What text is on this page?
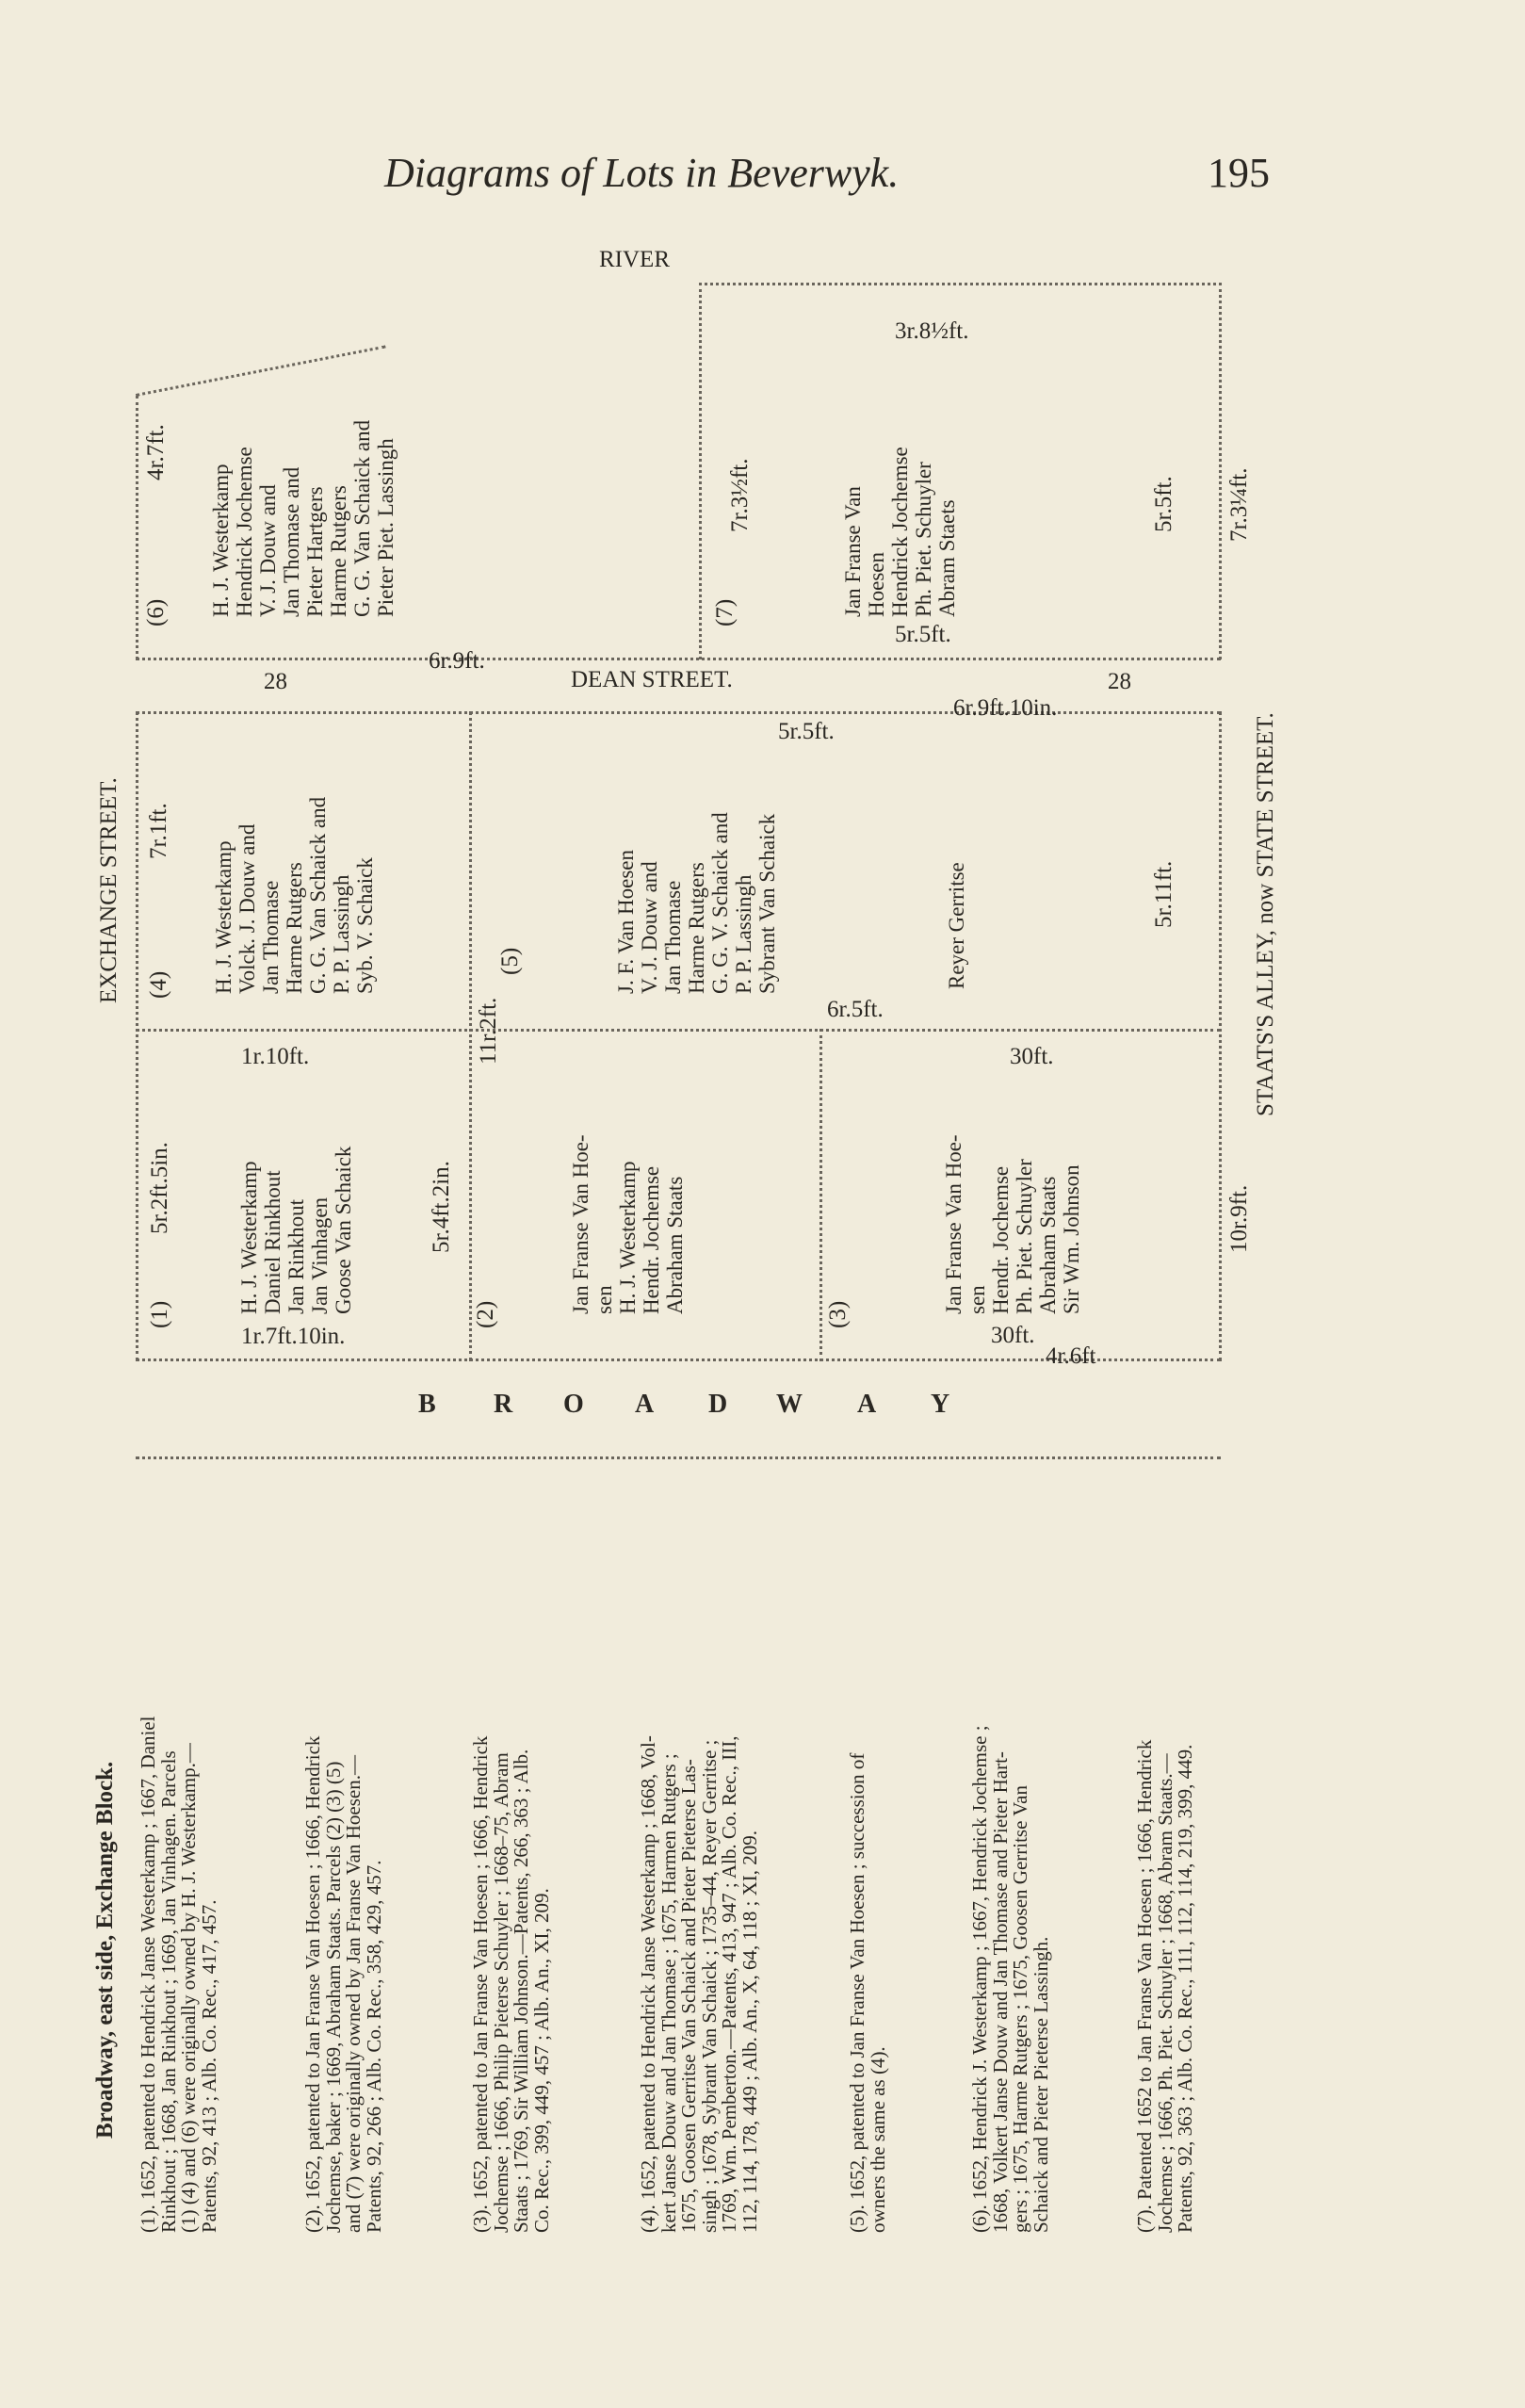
Diagrams of Lots in Beverwyk.	195
RIVER
DEAN STREET.
EXCHANGE STREET.	STAATS'S ALLEY, now STATE STREET.
B R O A D W A Y
4r.7ft.
6r.9ft.
7r.3½ft.
3r.8½ft.
5r.5ft.
5r.5ft. 7r.3¼ft.
28	28
6r.9ft.10in.
7r.1ft.
5r.5ft.
6r.5ft.
5r.11ft.
11r.2ft.
1r.10ft.
5r.2ft.5in.
1r.7ft.10in.
5r.4ft.2in.
30ft.
30ft.
10r.9ft.
4r.6ft
(6)	(7)
(4)
(5)
(1)	(2)	(3)
H. J. Westerkamp Hendrick Jochemse V. J. Douw and Jan Thomase and Pieter Hartgers Harme Rutgers G. G. Van Schaick and Pieter Piet. Lassingh	Jan Franse Van Hoesen Hendrick Jochemse Ph. Piet. Schuyler Abram Staets
H. J. Westerkamp Volck. J. Douw and Jan Thomase Harme Rutgers G. G. Van Schaick and P. P. Lassingh Syb. V. Schaick	J. F. Van Hoesen V. J. Douw and Jan Thomase Harme Rutgers G. G. V. Schaick and P. P. Lassingh Sybrant Van Schaick	Reyer Gerritse
H. J. Westerkamp Daniel Rinkhout Jan Rinkhout Jan Vinhagen Goose Van Schaick	Jan Franse Van Hoe- sen H. J. Westerkamp Hendr. Jochemse Abraham Staats	Jan Franse Van Hoe- sen Hendr. Jochemse Ph. Piet. Schuyler Abraham Staats Sir Wm. Johnson
Broadway, east side, Exchange Block. (1). 1652, patented to Hendrick Janse Westerkamp ; 1667, Daniel
Rinkhout ; 1668, Jan Rinkhout ; 1669, Jan Vinhagen. Parcels
(1) (4) and (6) were originally owned by H. J. Westerkamp.—
Patents, 92, 413 ; Alb. Co. Rec., 417, 457.	(2). 1652, patented to Jan Franse Van Hoesen ; 1666, Hendrick
Jochemse, baker ; 1669, Abraham Staats. Parcels (2) (3) (5)
and (7) were originally owned by Jan Franse Van Hoesen.—
Patents, 92, 266 ; Alb. Co. Rec., 358, 429, 457.	(3). 1652, patented to Jan Franse Van Hoesen ; 1666, Hendrick
Jochemse ; 1666, Philip Pieterse Schuyler ; 1668–75, Abram
Staats ; 1769, Sir William Johnson.—Patents, 266, 363 ; Alb.
Co. Rec., 399, 449, 457 ; Alb. An., XI, 209.	(4). 1652, patented to Hendrick Janse Westerkamp ; 1668, Vol-
kert Janse Douw and Jan Thomase ; 1675, Harmen Rutgers ;
1675, Goosen Gerritse Van Schaick and Pieter Pieterse Las-
singh ; 1678, Sybrant Van Schaick ; 1735–44, Reyer Gerritse ;
1769, Wm. Pemberton.—Patents, 413, 947 ; Alb. Co. Rec., III,
112, 114, 178, 449 ; Alb. An., X, 64, 118 ; XI, 209.	(5). 1652, patented to Jan Franse Van Hoesen ; succession of
owners the same as (4).	(6). 1652, Hendrick J. Westerkamp ; 1667, Hendrick Jochemse ;
1668, Volkert Janse Douw and Jan Thomase and Pieter Hart-
gers ; 1675, Harme Rutgers ; 1675, Goosen Gerritse Van
Schaick and Pieter Pieterse Lassingh.	(7). Patented 1652 to Jan Franse Van Hoesen ; 1666, Hendrick
Jochemse ; 1666, Ph. Piet. Schuyler ; 1668, Abram Staats.—
Patents, 92, 363 ; Alb. Co. Rec., 111, 112, 114, 219, 399, 449.
